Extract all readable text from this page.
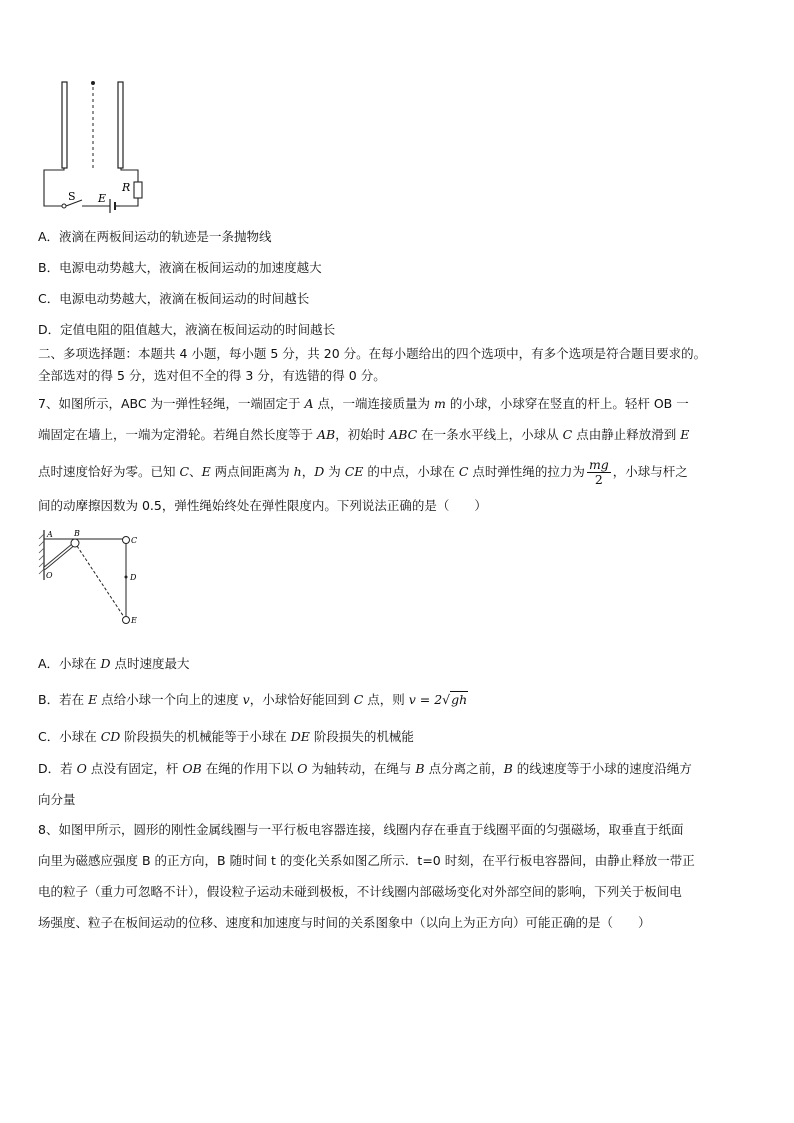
S E
R
A．液滴在两板间运动的轨迹是一条抛物线
B．电源电动势越大，液滴在板间运动的加速度越大
C．电源电动势越大，液滴在板间运动的时间越长
D．定值电阻的阻值越大，液滴在板间运动的时间越长
二、多项选择题：本题共 4 小题，每小题 5 分，共 20 分。在每小题给出的四个选项中，有多个选项是符合题目要求的。
全部选对的得 5 分，选对但不全的得 3 分，有选错的得 0 分。
7、如图所示，ABC 为一弹性轻绳，一端固定于 A 点，一端连接质量为 m 的小球，小球穿在竖直的杆上。轻杆 OB 一
端固定在墙上，一端为定滑轮。若绳自然长度等于 AB，初始时 ABC 在一条水平线上，小球从 C 点由静止释放滑到 E
点时速度恰好为零。已知 C、E 两点间距离为 h，D 为 CE 的中点，小球在 C 点时弹性绳的拉力为 $\frac{mg}{2}$ ，小球与杆之
间的动摩擦因数为 0.5，弹性绳始终处在弹性限度内。下列说法正确的是（　　）
A	B
C
D
O
E
A．小球在 D 点时速度最大
B．若在 E 点给小球一个向上的速度 v，小球恰好能回到 C 点，则 v = 2√gh
C．小球在 CD 阶段损失的机械能等于小球在 DE 阶段损失的机械能
D．若 O 点没有固定，杆 OB 在绳的作用下以 O 为轴转动，在绳与 B 点分离之前，B 的线速度等于小球的速度沿绳方
向分量
8、如图甲所示，圆形的刚性金属线圈与一平行板电容器连接，线圈内存在垂直于线圈平面的匀强磁场，取垂直于纸面
向里为磁感应强度 B 的正方向，B 随时间 t 的变化关系如图乙所示．t=0 时刻，在平行板电容器间，由静止释放一带正
电的粒子（重力可忽略不计），假设粒子运动未碰到极板，不计线圈内部磁场变化对外部空间的影响，下列关于板间电
场强度、粒子在板间运动的位移、速度和加速度与时间的关系图象中（以向上为正方向）可能正确的是（　　）
